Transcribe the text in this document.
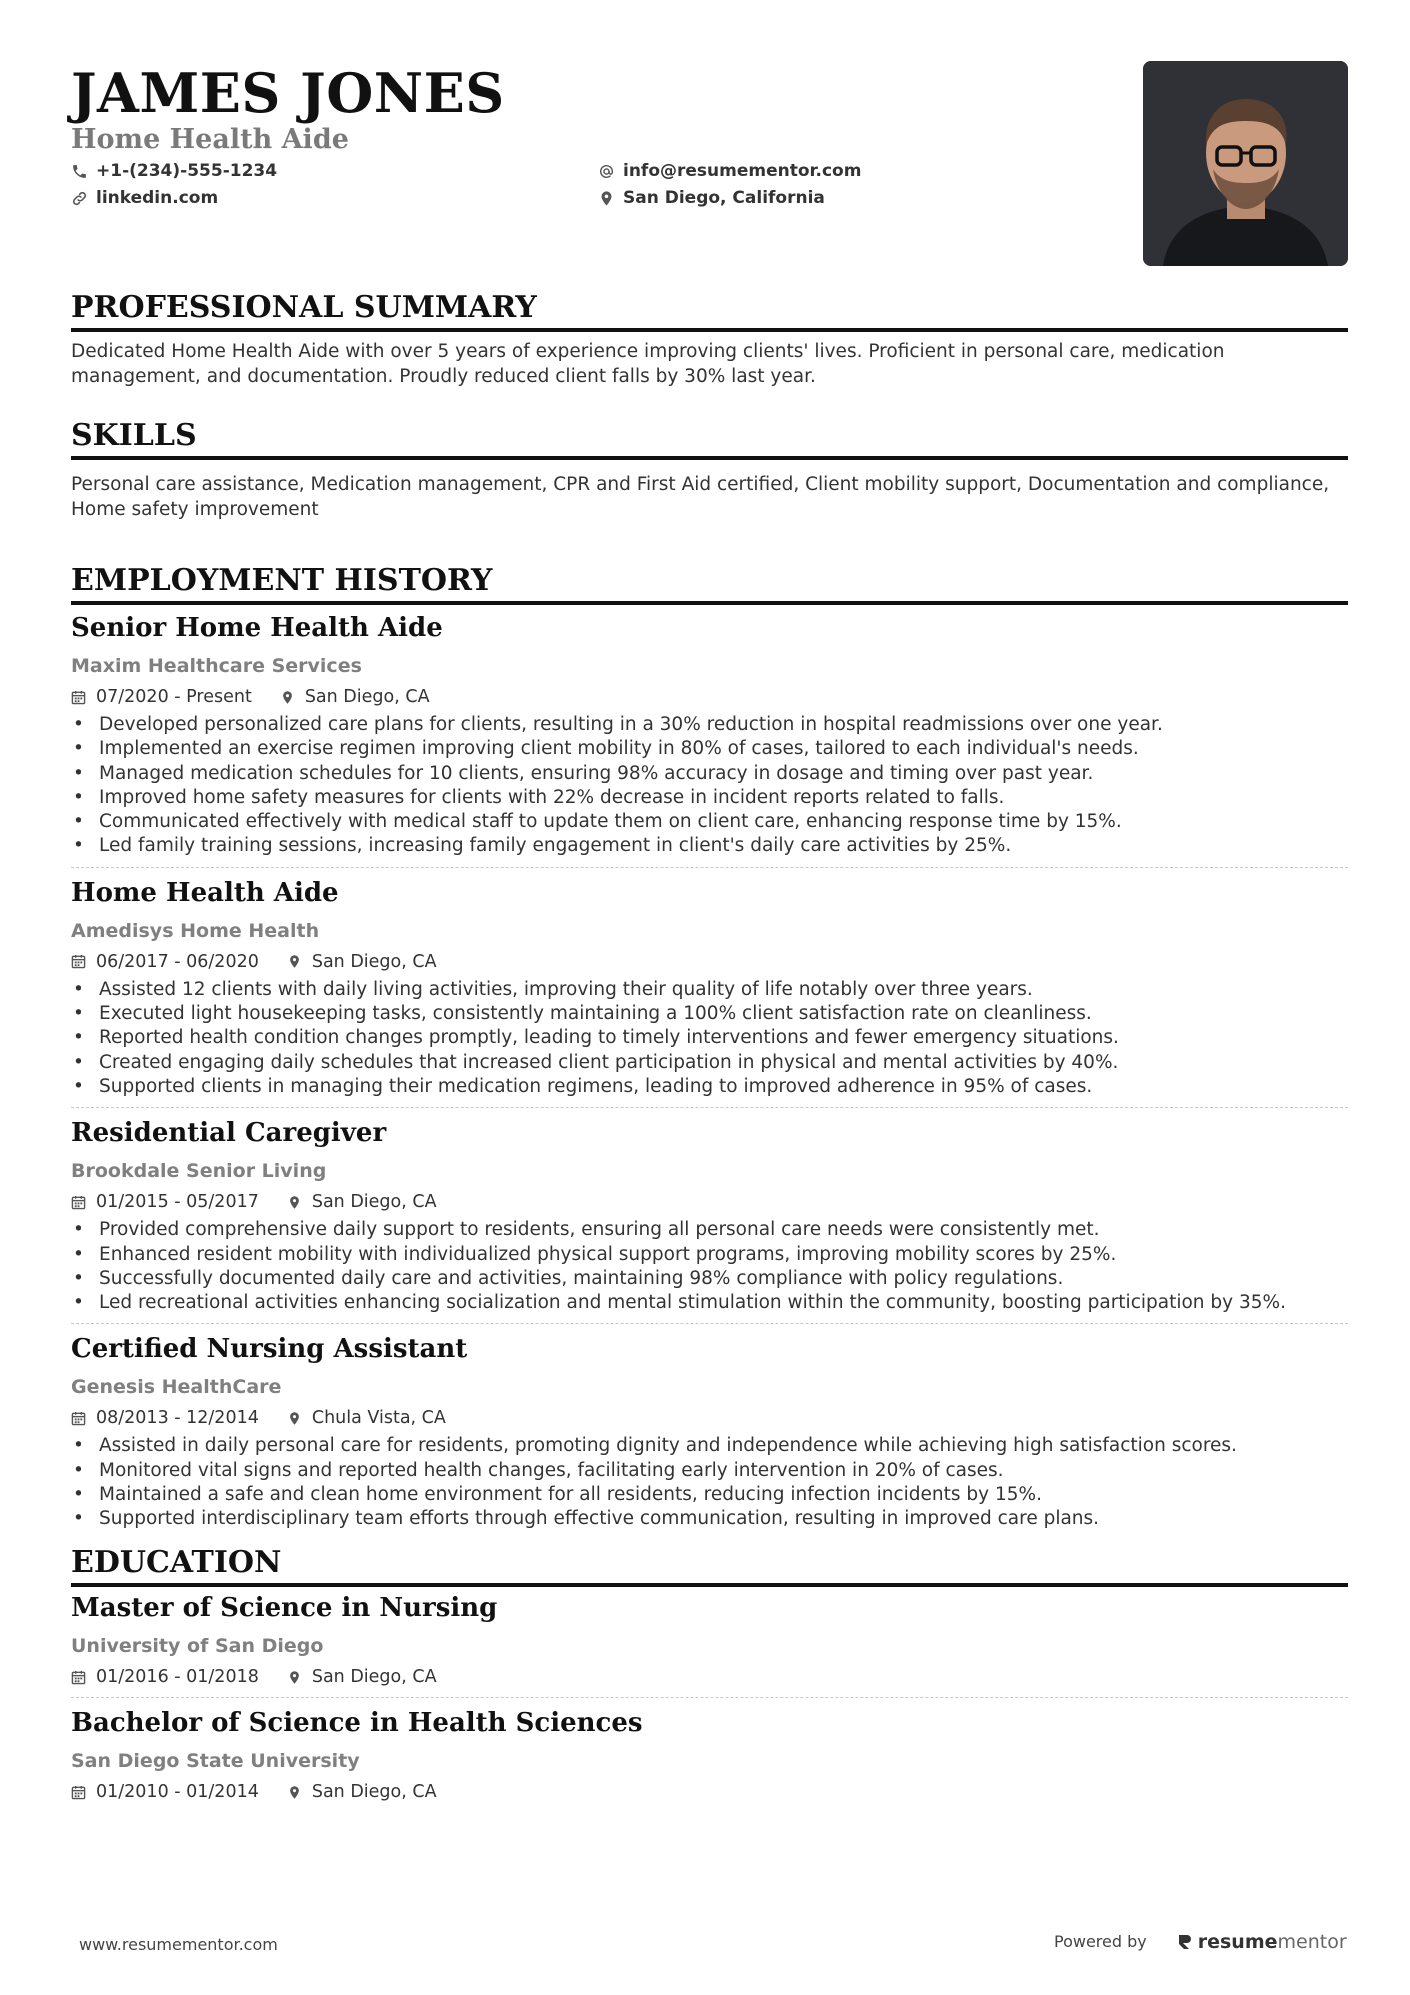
JAMES JONES
Home Health Aide
+1-(234)-555-1234
linkedin.com
info@resumementor.com
San Diego, California
PROFESSIONAL SUMMARY

Dedicated Home Health Aide with over 5 years of experience improving clients' lives. Proficient in personal care, medication management, and documentation. Proudly reduced client falls by 30% last year.

SKILLS

Personal care assistance, Medication management, CPR and First Aid certified, Client mobility support, Documentation and compliance, Home safety improvement

EMPLOYMENT HISTORY
Senior Home Health Aide
Maxim Healthcare Services
07/2020 - Present	San Diego, CA
• Developed personalized care plans for clients, resulting in a 30% reduction in hospital readmissions over one year.
• Implemented an exercise regimen improving client mobility in 80% of cases, tailored to each individual's needs.
• Managed medication schedules for 10 clients, ensuring 98% accuracy in dosage and timing over past year.
• Improved home safety measures for clients with 22% decrease in incident reports related to falls.
• Communicated effectively with medical staff to update them on client care, enhancing response time by 15%.
• Led family training sessions, increasing family engagement in client's daily care activities by 25%.
Home Health Aide
Amedisys Home Health
06/2017 - 06/2020	San Diego, CA
• Assisted 12 clients with daily living activities, improving their quality of life notably over three years.
• Executed light housekeeping tasks, consistently maintaining a 100% client satisfaction rate on cleanliness.
• Reported health condition changes promptly, leading to timely interventions and fewer emergency situations.
• Created engaging daily schedules that increased client participation in physical and mental activities by 40%.
• Supported clients in managing their medication regimens, leading to improved adherence in 95% of cases.
Residential Caregiver
Brookdale Senior Living
01/2015 - 05/2017	San Diego, CA
• Provided comprehensive daily support to residents, ensuring all personal care needs were consistently met.
• Enhanced resident mobility with individualized physical support programs, improving mobility scores by 25%.
• Successfully documented daily care and activities, maintaining 98% compliance with policy regulations.
• Led recreational activities enhancing socialization and mental stimulation within the community, boosting participation by 35%.
Certified Nursing Assistant
Genesis HealthCare
08/2013 - 12/2014	Chula Vista, CA
• Assisted in daily personal care for residents, promoting dignity and independence while achieving high satisfaction scores.
• Monitored vital signs and reported health changes, facilitating early intervention in 20% of cases.
• Maintained a safe and clean home environment for all residents, reducing infection incidents by 15%.
• Supported interdisciplinary team efforts through effective communication, resulting in improved care plans.
EDUCATION
Master of Science in Nursing
University of San Diego
01/2016 - 01/2018	San Diego, CA
Bachelor of Science in Health Sciences
San Diego State University
01/2010 - 01/2014	San Diego, CA
www.resumementor.com	Powered by	resume mentor
